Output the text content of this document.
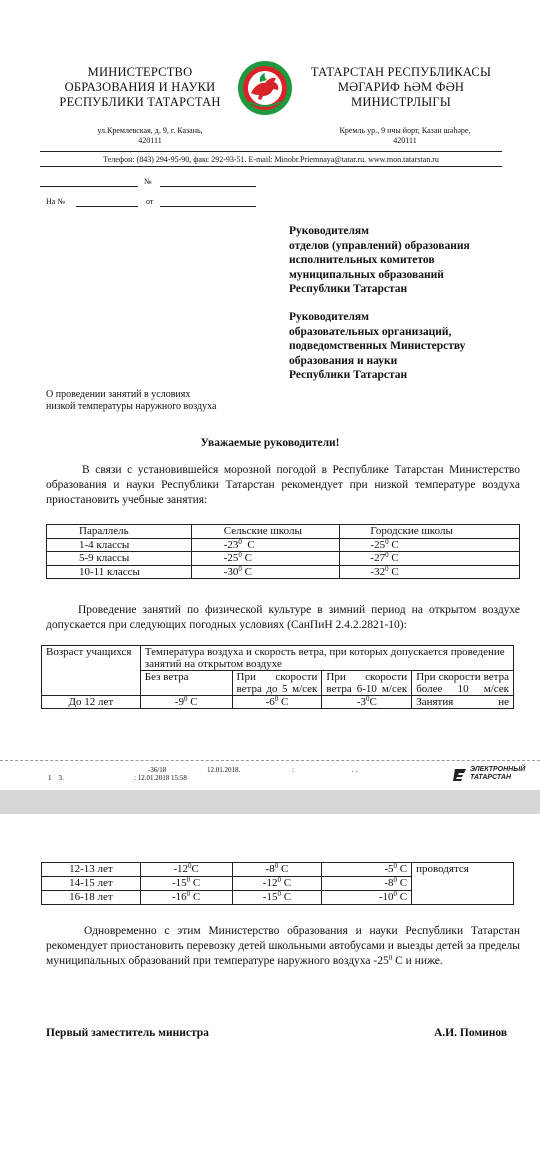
МИНИСТЕРСТВО
ОБРАЗОВАНИЯ И НАУКИ
РЕСПУБЛИКИ ТАТАРСТАН
ТАТАРСТАН РЕСПУБЛИКАСЫ
МӘГАРИФ ҺӘМ ФӘН
МИНИСТРЛЫГЫ
ул.Кремлевская, д. 9, г. Казань,
420111
Кремль ур., 9 нчы йорт, Казан шәһәре,
420111
Телефон: (843) 294-95-90, факс 292-93-51. E-mail: Minobr.Priemnaya@tatar.ru. www.mon.tatarstan.ru
№
На №	от
Руководителям
отделов (управлений) образования
исполнительных комитетов
муниципальных образований
Республики Татарстан
Руководителям
образовательных организаций,
подведомственных Министерству
образования и науки
Республики Татарстан
О проведении занятий в условиях
низкой температуры наружного воздуха
Уважаемые руководители!
В связи с установившейся морозной погодой в Республике Татарстан Министерство образования и науки Республики Татарстан рекомендует при низкой температуре воздуха приостановить учебные занятия:
Параллель	Сельские школы	Городские школы
1-4 классы	$-23^0$ С	$-25^0$ С
5-9 классы	$-25^0$ С	$-27^0$ С
10-11 классы	$-30^0$ С	$-32^0$ С
Проведение занятий по физической культуре в зимний период на открытом воздухе допускается при следующих погодных условиях (СанПиН 2.4.2.2821-10):
Возраст учащихся	Температура воздуха и скорость ветра, при которых допускается проведение занятий на открытом воздухе			
	Без ветра	При скорости ветра до 5 м/сек	При скорости ветра 6-10 м/сек	При скорости ветра более 10 м/сек
До 12 лет	$-9^0$ С	$-6^0$ С	$-3^0С$	Занятия не
-36/18	12.01.2018.	:	. .
1    3.	: 12.01.2018 15:58
ЭЛЕКТРОННЫЙ
ТАТАРСТАН
12-13 лет	$-12^0С$	$-8^0$ С	$-5^0$ С	проводятся
14-15 лет	$-15^0$ С	$-12^0$ С	$-8^0$ С	
16-18 лет	$-16^0$ С	$-15^0$ С	$-10^0$ С	
Одновременно с этим Министерство образования и науки Республики Татарстан рекомендует приостановить перевозку детей школьными автобусами и выезды детей за пределы муниципальных образований при температуре наружного воздуха $-25^0$ С и ниже.
Первый заместитель министра	А.И. Поминов
